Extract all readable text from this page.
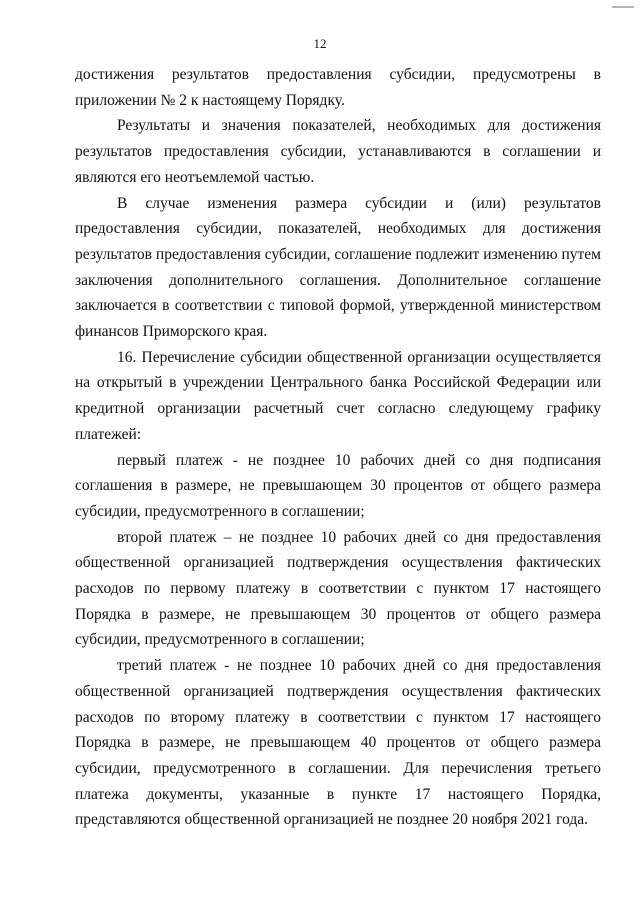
12

достижения результатов предоставления субсидии, предусмотрены в приложении № 2 к настоящему Порядку.

Результаты и значения показателей, необходимых для достижения результатов предоставления субсидии, устанавливаются в соглашении и являются его неотъемлемой частью.

В случае изменения размера субсидии и (или) результатов предоставления субсидии, показателей, необходимых для достижения результатов предоставления субсидии, соглашение подлежит изменению путем заключения дополнительного соглашения. Дополнительное соглашение заключается в соответствии с типовой формой, утвержденной министерством финансов Приморского края.

16. Перечисление субсидии общественной организации осуществляется на открытый в учреждении Центрального банка Российской Федерации или кредитной организации расчетный счет согласно следующему графику платежей:

первый платеж - не позднее 10 рабочих дней со дня подписания соглашения в размере, не превышающем 30 процентов от общего размера субсидии, предусмотренного в соглашении;

второй платеж – не позднее 10 рабочих дней со дня предоставления общественной организацией подтверждения осуществления фактических расходов по первому платежу в соответствии с пунктом 17 настоящего Порядка в размере, не превышающем 30 процентов от общего размера субсидии, предусмотренного в соглашении;

третий платеж - не позднее 10 рабочих дней со дня предоставления общественной организацией подтверждения осуществления фактических расходов по второму платежу в соответствии с пунктом 17 настоящего Порядка в размере, не превышающем 40 процентов от общего размера субсидии, предусмотренного в соглашении. Для перечисления третьего платежа документы, указанные в пункте 17 настоящего Порядка, представляются общественной организацией не позднее 20 ноября 2021 года.
